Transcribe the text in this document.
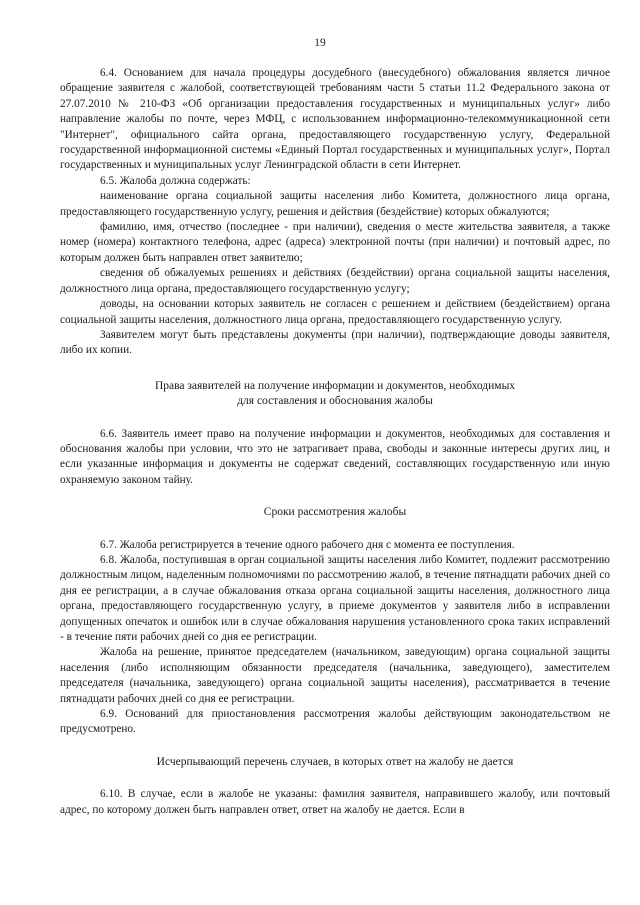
19

6.4. Основанием для начала процедуры досудебного (внесудебного) обжалования является личное обращение заявителя с жалобой, соответствующей требованиям части 5 статьи 11.2 Федерального закона от 27.07.2010 № 210-ФЗ «Об организации предоставления государственных и муниципальных услуг» либо направление жалобы по почте, через МФЦ, с использованием информационно-телекоммуникационной сети "Интернет", официального сайта органа, предоставляющего государственную услугу, Федеральной государственной информационной системы «Единый Портал государственных и муниципальных услуг», Портал государственных и муниципальных услуг Ленинградской области в сети Интернет.

6.5. Жалоба должна содержать:

наименование органа социальной защиты населения либо Комитета, должностного лица органа, предоставляющего государственную услугу, решения и действия (бездействие) которых обжалуются;

фамилию, имя, отчество (последнее - при наличии), сведения о месте жительства заявителя, а также номер (номера) контактного телефона, адрес (адреса) электронной почты (при наличии) и почтовый адрес, по которым должен быть направлен ответ заявителю;

сведения об обжалуемых решениях и действиях (бездействии) органа социальной защиты населения, должностного лица органа, предоставляющего государственную услугу;

доводы, на основании которых заявитель не согласен с решением и действием (бездействием) органа социальной защиты населения, должностного лица органа, предоставляющего государственную услугу.

Заявителем могут быть представлены документы (при наличии), подтверждающие доводы заявителя, либо их копии.

Права заявителей на получение информации и документов, необходимых
для составления и обоснования жалобы

6.6. Заявитель имеет право на получение информации и документов, необходимых для составления и обоснования жалобы при условии, что это не затрагивает права, свободы и законные интересы других лиц, и если указанные информация и документы не содержат сведений, составляющих государственную или иную охраняемую законом тайну.

Сроки рассмотрения жалобы

6.7. Жалоба регистрируется в течение одного рабочего дня с момента ее поступления.

6.8. Жалоба, поступившая в орган социальной защиты населения либо Комитет, подлежит рассмотрению должностным лицом, наделенным полномочиями по рассмотрению жалоб, в течение пятнадцати рабочих дней со дня ее регистрации, а в случае обжалования отказа органа социальной защиты населения, должностного лица органа, предоставляющего государственную услугу, в приеме документов у заявителя либо в исправлении допущенных опечаток и ошибок или в случае обжалования нарушения установленного срока таких исправлений - в течение пяти рабочих дней со дня ее регистрации.

Жалоба на решение, принятое председателем (начальником, заведующим) органа социальной защиты населения (либо исполняющим обязанности председателя (начальника, заведующего), заместителем председателя (начальника, заведующего) органа социальной защиты населения), рассматривается в течение пятнадцати рабочих дней со дня ее регистрации.

6.9. Оснований для приостановления рассмотрения жалобы действующим законодательством не предусмотрено.

Исчерпывающий перечень случаев, в которых ответ на жалобу не дается

6.10. В случае, если в жалобе не указаны: фамилия заявителя, направившего жалобу, или почтовый адрес, по которому должен быть направлен ответ, ответ на жалобу не дается. Если в
